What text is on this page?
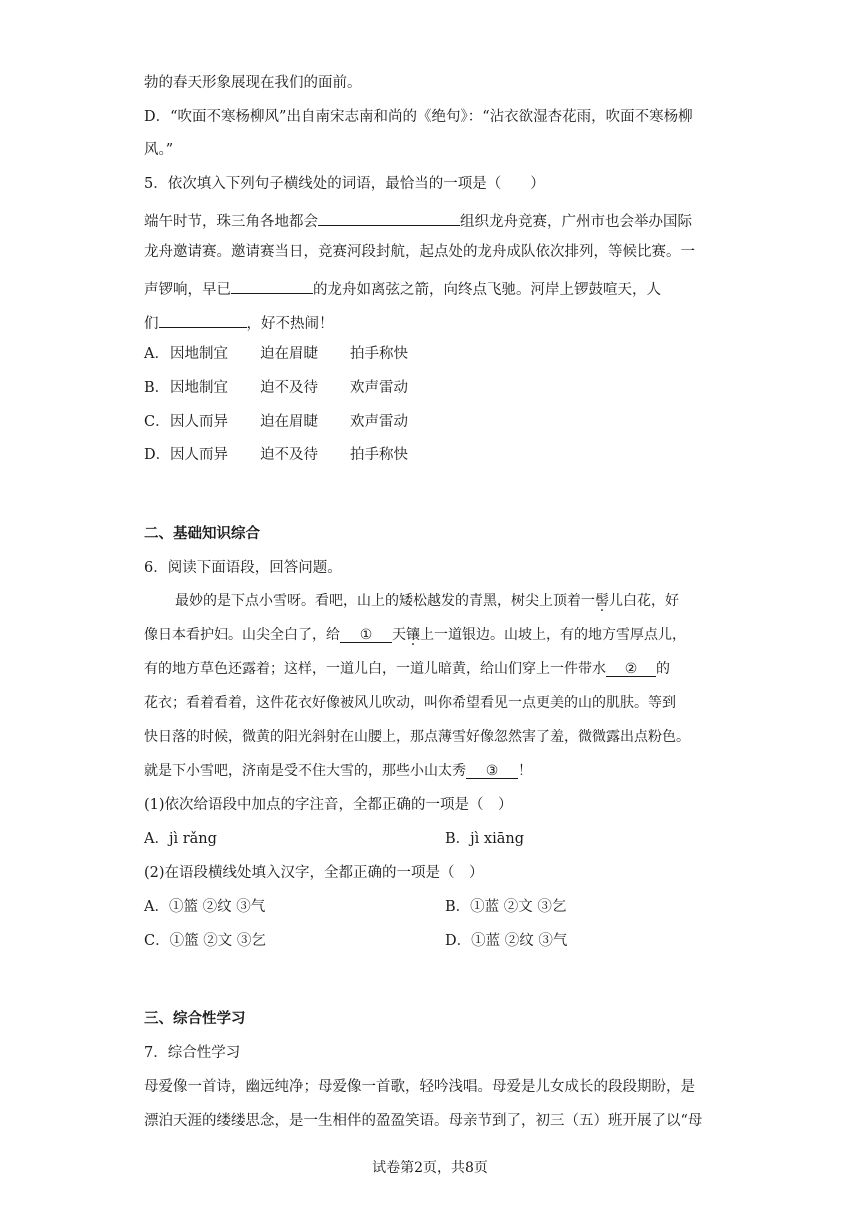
勃的春天形象展现在我们的面前。
D．“吹面不寒杨柳风”出自南宋志南和尚的《绝句》：“沾衣欲湿杏花雨，吹面不寒杨柳
风。”
5．依次填入下列句子横线处的词语，最恰当的一项是（　　）
端午时节，珠三角各地都会	组织龙舟竞赛，广州市也会举办国际
龙舟邀请赛。邀请赛当日，竞赛河段封航，起点处的龙舟成队依次排列，等候比赛。一
声锣响，早已	的龙舟如离弦之箭，向终点飞驰。河岸上锣鼓喧天，人
们	，好不热闹！
A．因地制宜 迫在眉睫 拍手称快
B．因地制宜 迫不及待 欢声雷动
C．因人而异 迫在眉睫 欢声雷动
D．因人而异 迫不及待 拍手称快
二、基础知识综合
6．阅读下面语段，回答问题。
最妙的是下点小雪呀。看吧，山上的矮松越发的青黑，树尖上顶着一髻儿白花，好
像日本看护妇。山尖全白了，给 ① 天镶上一道银边。山坡上，有的地方雪厚点儿，
有的地方草色还露着；这样，一道儿白，一道儿暗黄，给山们穿上一件带水 ② 的
花衣；看着看着，这件花衣好像被风儿吹动，叫你希望看见一点更美的山的肌肤。等到
快日落的时候，微黄的阳光斜射在山腰上，那点薄雪好像忽然害了羞，微微露出点粉色。
就是下小雪吧，济南是受不住大雪的，那些小山太秀 ③ ！
(1)依次给语段中加点的字注音，全都正确的一项是（　）
A．jì rǎng	B．jì xiāng
(2)在语段横线处填入汉字，全都正确的一项是（　）
A．①篮 ②纹 ③气	B．①蓝 ②文 ③乞
C．①篮 ②文 ③乞	D．①蓝 ②纹 ③气
三、综合性学习
7．综合性学习
母爱像一首诗，幽远纯净；母爱像一首歌，轻吟浅唱。母爱是儿女成长的段段期盼，是
漂泊天涯的缕缕思念，是一生相伴的盈盈笑语。母亲节到了，初三（五）班开展了以“母
试卷第2页，共8页
